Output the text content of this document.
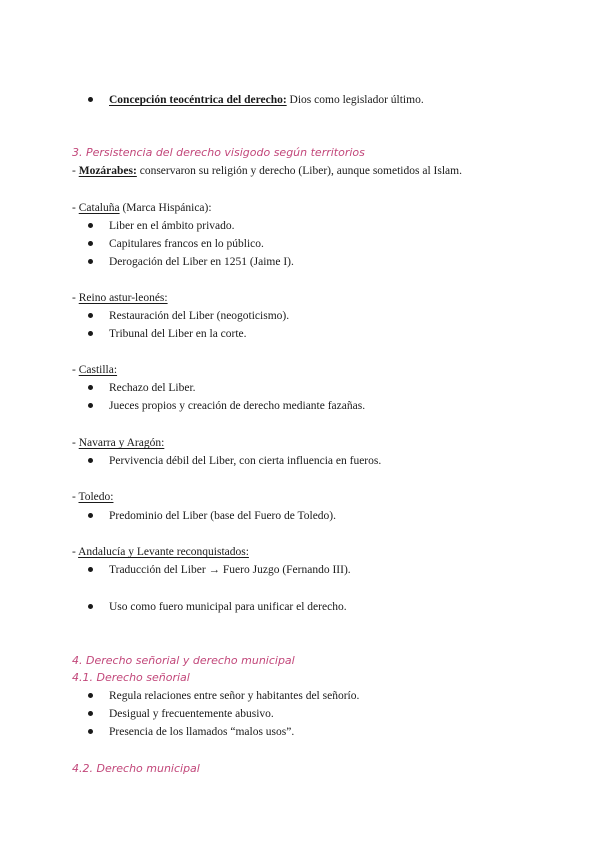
Concepción teocéntrica del derecho: Dios como legislador último.
3. Persistencia del derecho visigodo según territorios
- Mozárabes: conservaron su religión y derecho (Liber), aunque sometidos al Islam.
- Cataluña (Marca Hispánica):
Liber en el ámbito privado.
Capitulares francos en lo público.
Derogación del Liber en 1251 (Jaime I).
- Reino astur-leonés:
Restauración del Liber (neogoticismo).
Tribunal del Liber en la corte.
- Castilla:
Rechazo del Liber.
Jueces propios y creación de derecho mediante fazañas.
- Navarra y Aragón:
Pervivencia débil del Liber, con cierta influencia en fueros.
- Toledo:
Predominio del Liber (base del Fuero de Toledo).
- Andalucía y Levante reconquistados:
Traducción del Liber → Fuero Juzgo (Fernando III).
Uso como fuero municipal para unificar el derecho.
4. Derecho señorial y derecho municipal
4.1. Derecho señorial
Regula relaciones entre señor y habitantes del señorío.
Desigual y frecuentemente abusivo.
Presencia de los llamados “malos usos”.
4.2. Derecho municipal
